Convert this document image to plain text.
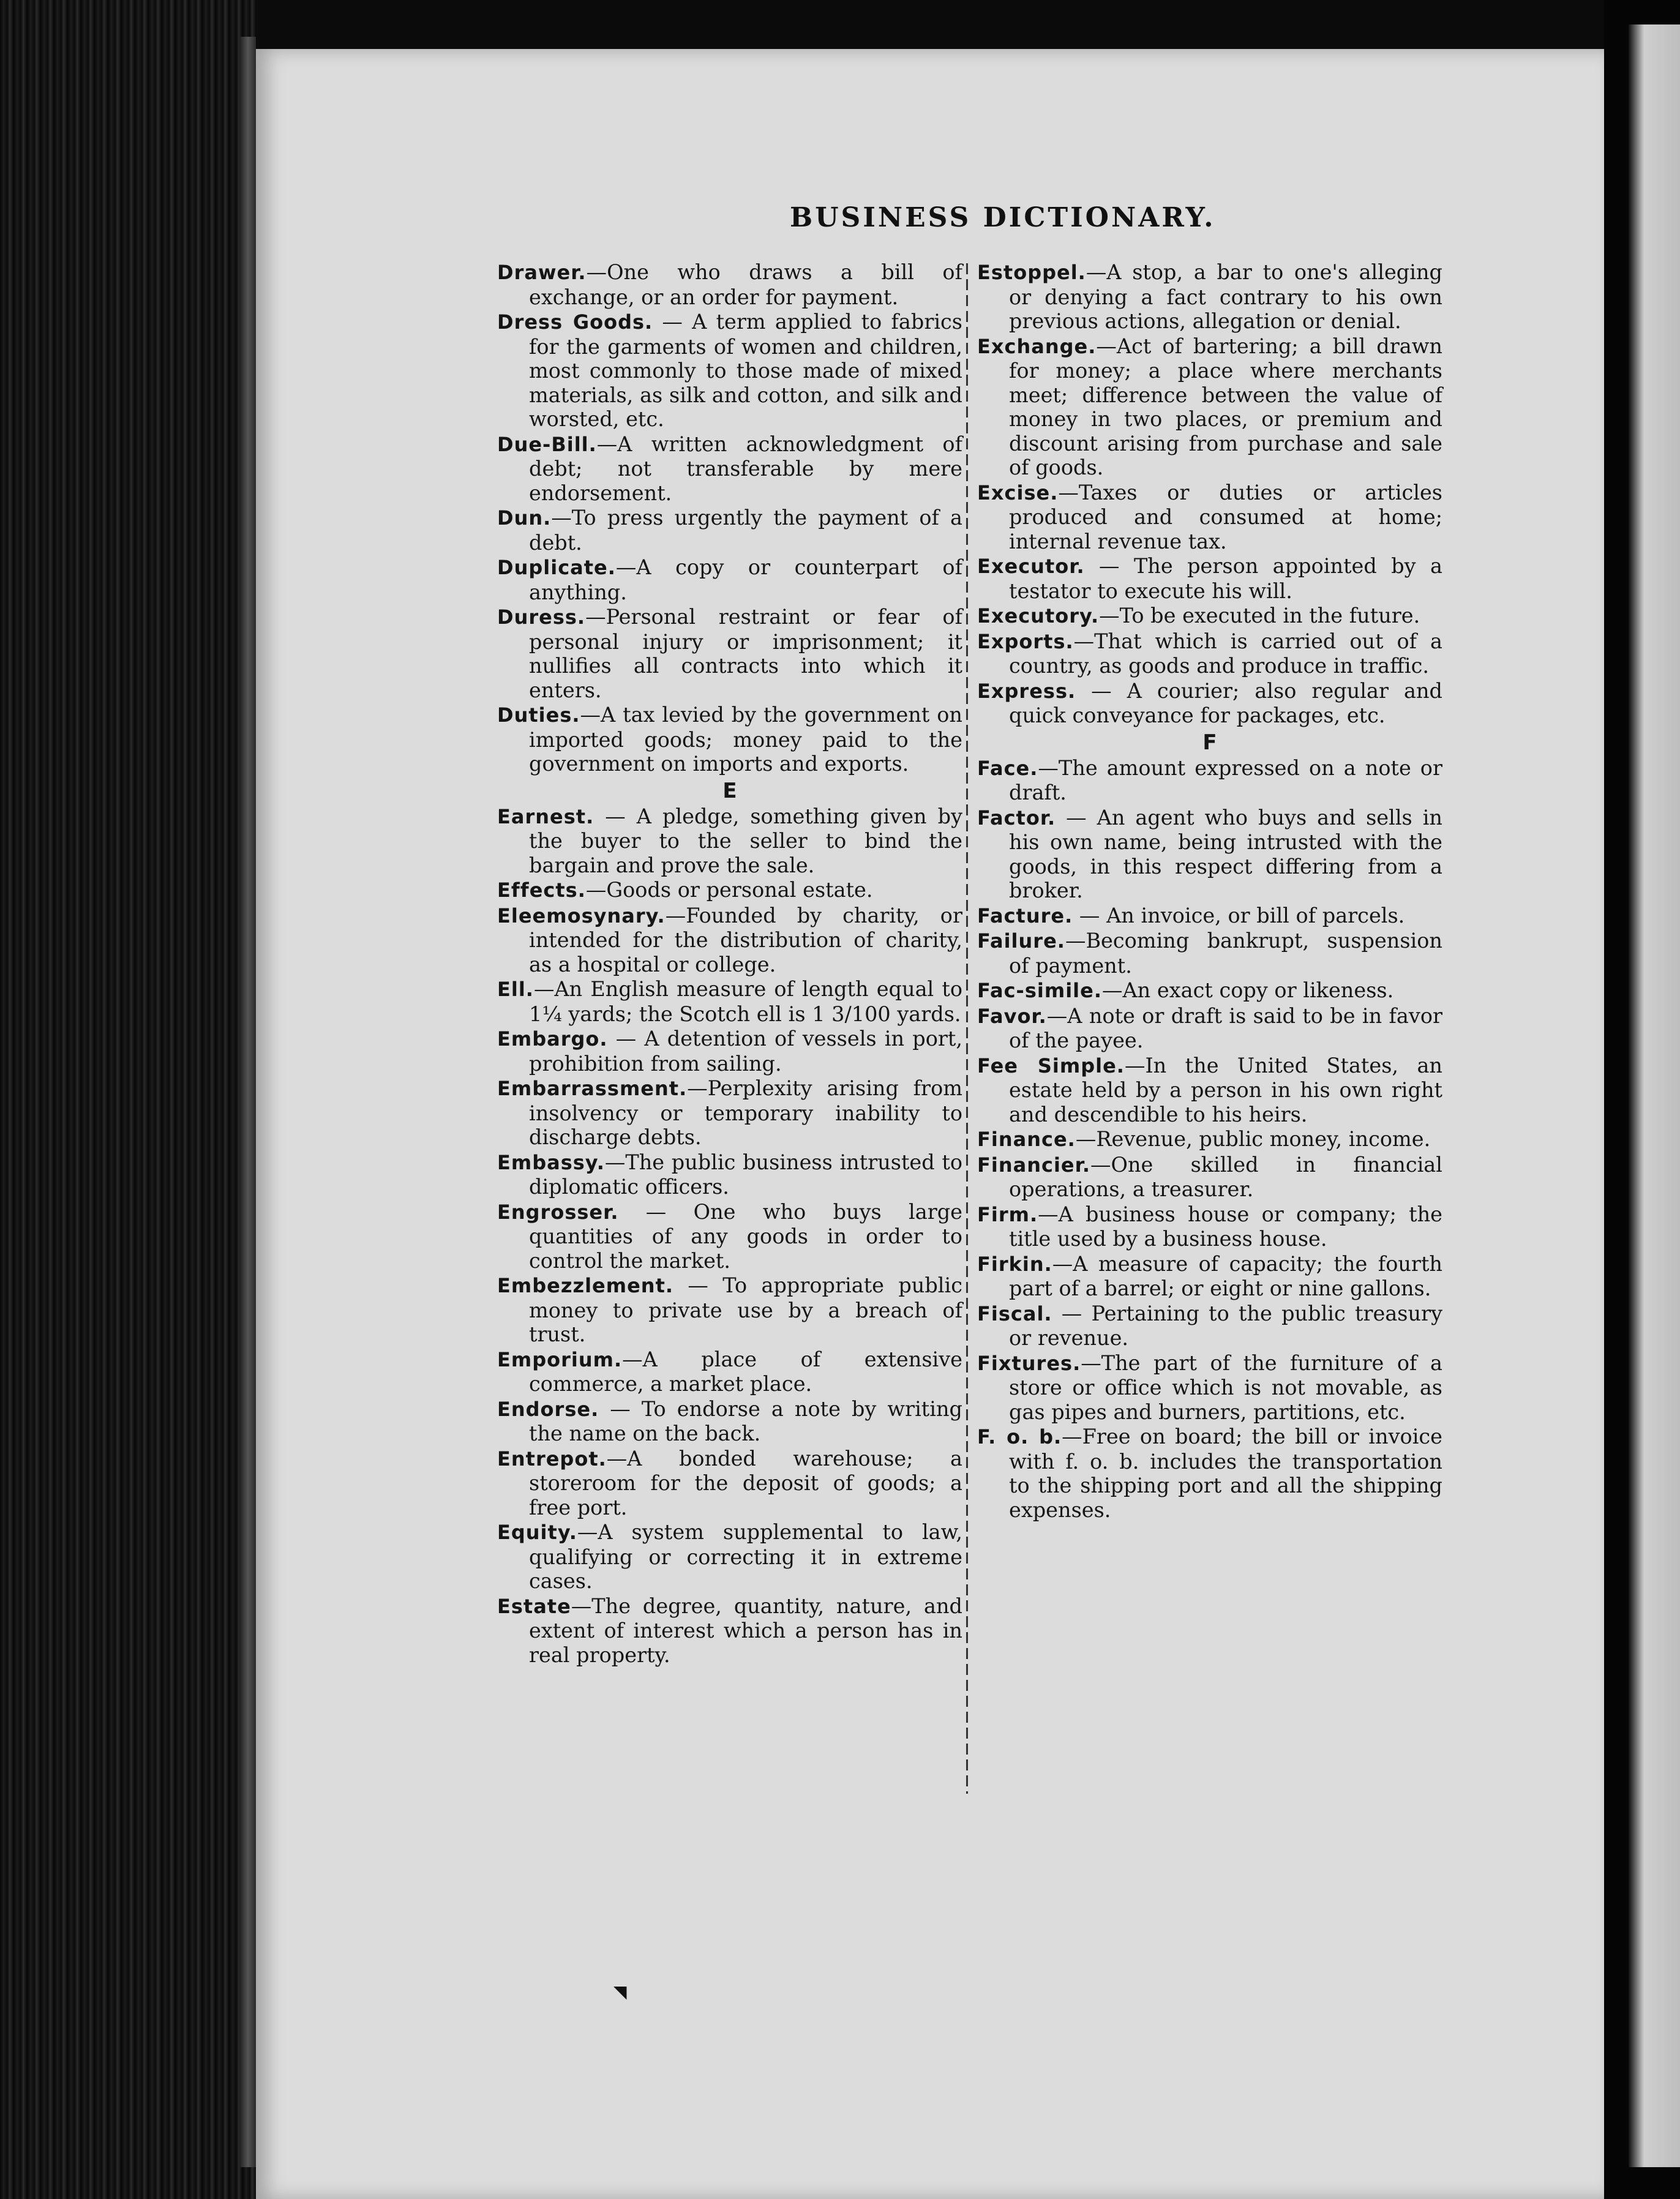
BUSINESS DICTIONARY.
Drawer.—One who draws a bill of exchange, or an order for payment.
Dress Goods. — A term applied to fabrics for the garments of women and children, most commonly to those made of mixed materials, as silk and cotton, and silk and worsted, etc.
Due-Bill.—A written acknowledgment of debt; not transferable by mere endorsement.
Dun.—To press urgently the payment of a debt.
Duplicate.—A copy or counterpart of anything.
Duress.—Personal restraint or fear of personal injury or imprisonment; it nullifies all contracts into which it enters.
Duties.—A tax levied by the government on imported goods; money paid to the government on imports and exports.
E
Earnest. — A pledge, something given by the buyer to the seller to bind the bargain and prove the sale.
Effects.—Goods or personal estate.
Eleemosynary.—Founded by charity, or intended for the distribution of charity, as a hospital or college.
Ell.—An English measure of length equal to 1¼ yards; the Scotch ell is 1 3/100 yards.
Embargo. — A detention of vessels in port, prohibition from sailing.
Embarrassment.—Perplexity arising from insolvency or temporary inability to discharge debts.
Embassy.—The public business intrusted to diplomatic officers.
Engrosser. — One who buys large quantities of any goods in order to control the market.
Embezzlement. — To appropriate public money to private use by a breach of trust.
Emporium.—A place of extensive commerce, a market place.
Endorse. — To endorse a note by writing the name on the back.
Entrepot.—A bonded warehouse; a storeroom for the deposit of goods; a free port.
Equity.—A system supplemental to law, qualifying or correcting it in extreme cases.
Estate—The degree, quantity, nature, and extent of interest which a person has in real property.
Estoppel.—A stop, a bar to one's alleging or denying a fact contrary to his own previous actions, allegation or denial.
Exchange.—Act of bartering; a bill drawn for money; a place where merchants meet; difference between the value of money in two places, or premium and discount arising from purchase and sale of goods.
Excise.—Taxes or duties or articles produced and consumed at home; internal revenue tax.
Executor. — The person appointed by a testator to execute his will.
Executory.—To be executed in the future.
Exports.—That which is carried out of a country, as goods and produce in traffic.
Express. — A courier; also regular and quick conveyance for packages, etc.
F
Face.—The amount expressed on a note or draft.
Factor. — An agent who buys and sells in his own name, being intrusted with the goods, in this respect differing from a broker.
Facture. — An invoice, or bill of parcels.
Failure.—Becoming bankrupt, suspension of payment.
Fac-simile.—An exact copy or likeness.
Favor.—A note or draft is said to be in favor of the payee.
Fee Simple.—In the United States, an estate held by a person in his own right and descendible to his heirs.
Finance.—Revenue, public money, income.
Financier.—One skilled in financial operations, a treasurer.
Firm.—A business house or company; the title used by a business house.
Firkin.—A measure of capacity; the fourth part of a barrel; or eight or nine gallons.
Fiscal. — Pertaining to the public treasury or revenue.
Fixtures.—The part of the furniture of a store or office which is not movable, as gas pipes and burners, partitions, etc.
F. o. b.—Free on board; the bill or invoice with f. o. b. includes the transportation to the shipping port and all the shipping expenses.
◥
